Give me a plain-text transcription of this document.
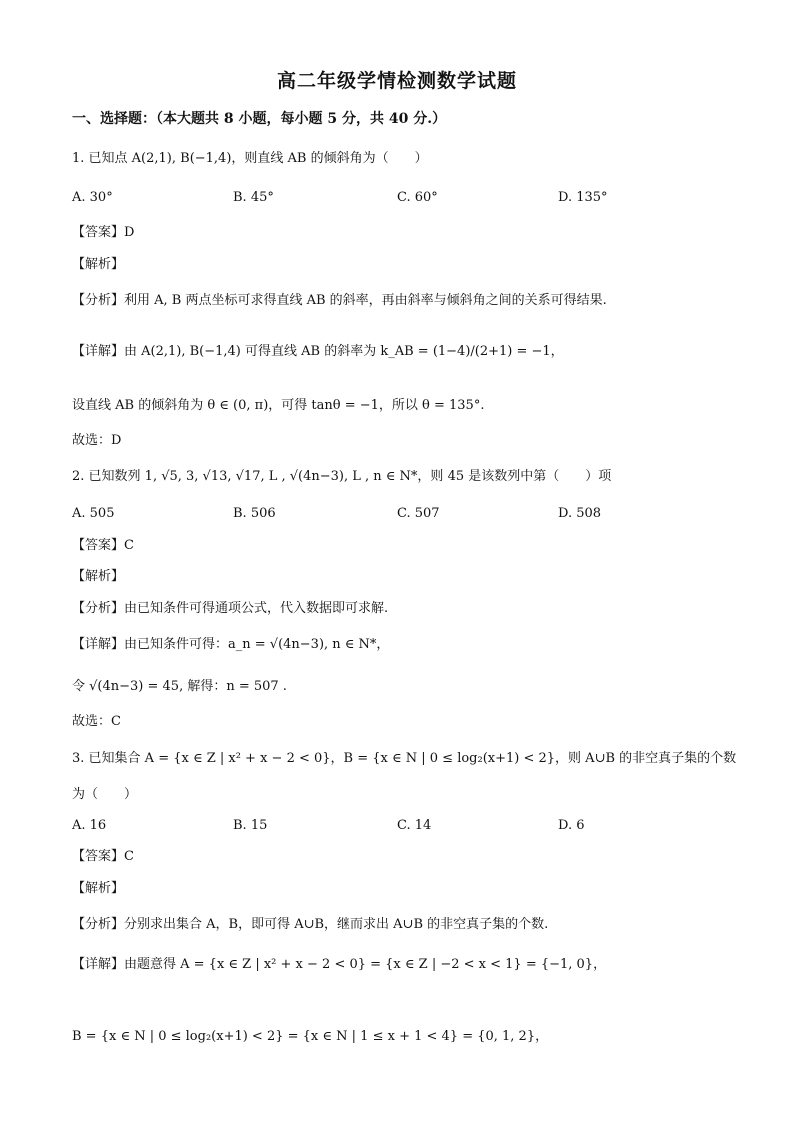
高二年级学情检测数学试题
一、选择题：（本大题共 8 小题，每小题 5 分，共 40 分.）
1. 已知点 A(2,1), B(−1,4)，则直线 AB 的倾斜角为（　　）
A. 30°	B. 45°	C. 60°	D. 135°
【答案】D
【解析】
【分析】利用 A, B 两点坐标可求得直线 AB 的斜率，再由斜率与倾斜角之间的关系可得结果.
【详解】由 A(2,1), B(−1,4) 可得直线 AB 的斜率为 k_AB = (1−4)/(2+1) = −1，
设直线 AB 的倾斜角为 θ ∈ (0, π)，可得 tanθ = −1，所以 θ = 135°.
故选：D
2. 已知数列 1, √5, 3, √13, √17, L , √(4n−3), L , n ∈ N*，则 45 是该数列中第（　　）项
A. 505	B. 506	C. 507	D. 508
【答案】C
【解析】
【分析】由已知条件可得通项公式，代入数据即可求解.
【详解】由已知条件可得：a_n = √(4n−3), n ∈ N*，
令 √(4n−3) = 45, 解得：n = 507 .
故选：C
3. 已知集合 A = {x ∈ Z | x² + x − 2 < 0}，B = {x ∈ N | 0 ≤ log₂(x+1) < 2}，则 A∪B 的非空真子集的个数
为（　　）
A. 16	B. 15	C. 14	D. 6
【答案】C
【解析】
【分析】分别求出集合 A，B，即可得 A∪B，继而求出 A∪B 的非空真子集的个数.
【详解】由题意得 A = {x ∈ Z | x² + x − 2 < 0} = {x ∈ Z | −2 < x < 1} = {−1, 0}，
B = {x ∈ N | 0 ≤ log₂(x+1) < 2} = {x ∈ N | 1 ≤ x + 1 < 4} = {0, 1, 2}，
